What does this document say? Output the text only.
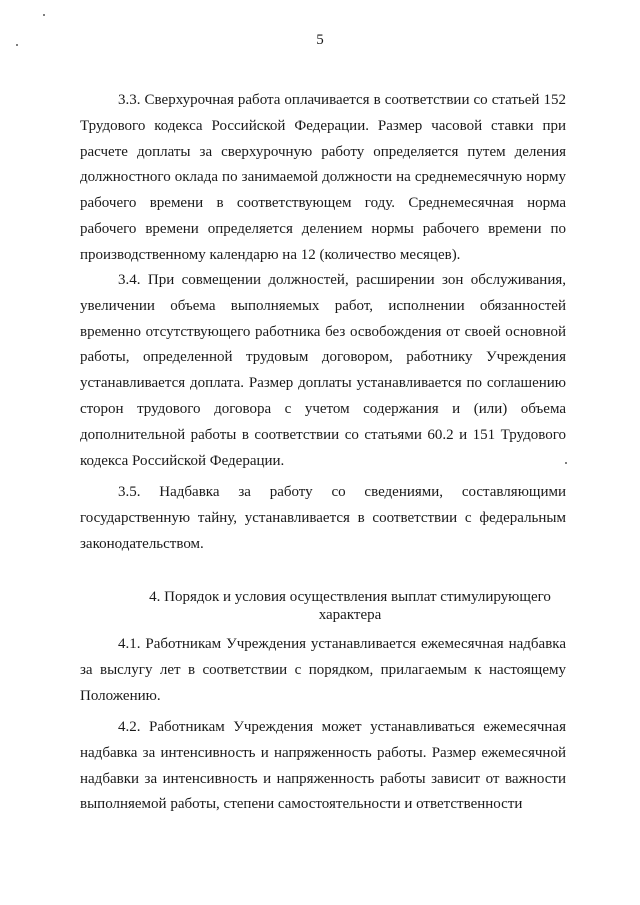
5

3.3. Сверхурочная работа оплачивается в соответствии со статьей 152 Трудового кодекса Российской Федерации. Размер часовой ставки при расчете доплаты за сверхурочную работу определяется путем деления должностного оклада по занимаемой должности на среднемесячную норму рабочего времени в соответствующем году. Среднемесячная норма рабочего времени определяется делением нормы рабочего времени по производственному календарю на 12 (количество месяцев).

3.4. При совмещении должностей, расширении зон обслуживания, увеличении объема выполняемых работ, исполнении обязанностей временно отсутствующего работника без освобождения от своей основной работы, определенной трудовым договором, работнику Учреждения устанавливается доплата. Размер доплаты устанавливается по соглашению сторон трудового договора с учетом содержания и (или) объема дополнительной работы в соответствии со статьями 60.2 и 151 Трудового кодекса Российской Федерации.

3.5. Надбавка за работу со сведениями, составляющими государственную тайну, устанавливается в соответствии с федеральным законодательством.

4. Порядок и условия осуществления выплат стимулирующего
характера

4.1. Работникам Учреждения устанавливается ежемесячная надбавка за выслугу лет в соответствии с порядком, прилагаемым к настоящему Положению.

4.2. Работникам Учреждения может устанавливаться ежемесячная надбавка за интенсивность и напряженность работы. Размер ежемесячной надбавки за интенсивность и напряженность работы зависит от важности выполняемой работы, степени самостоятельности и ответственности
